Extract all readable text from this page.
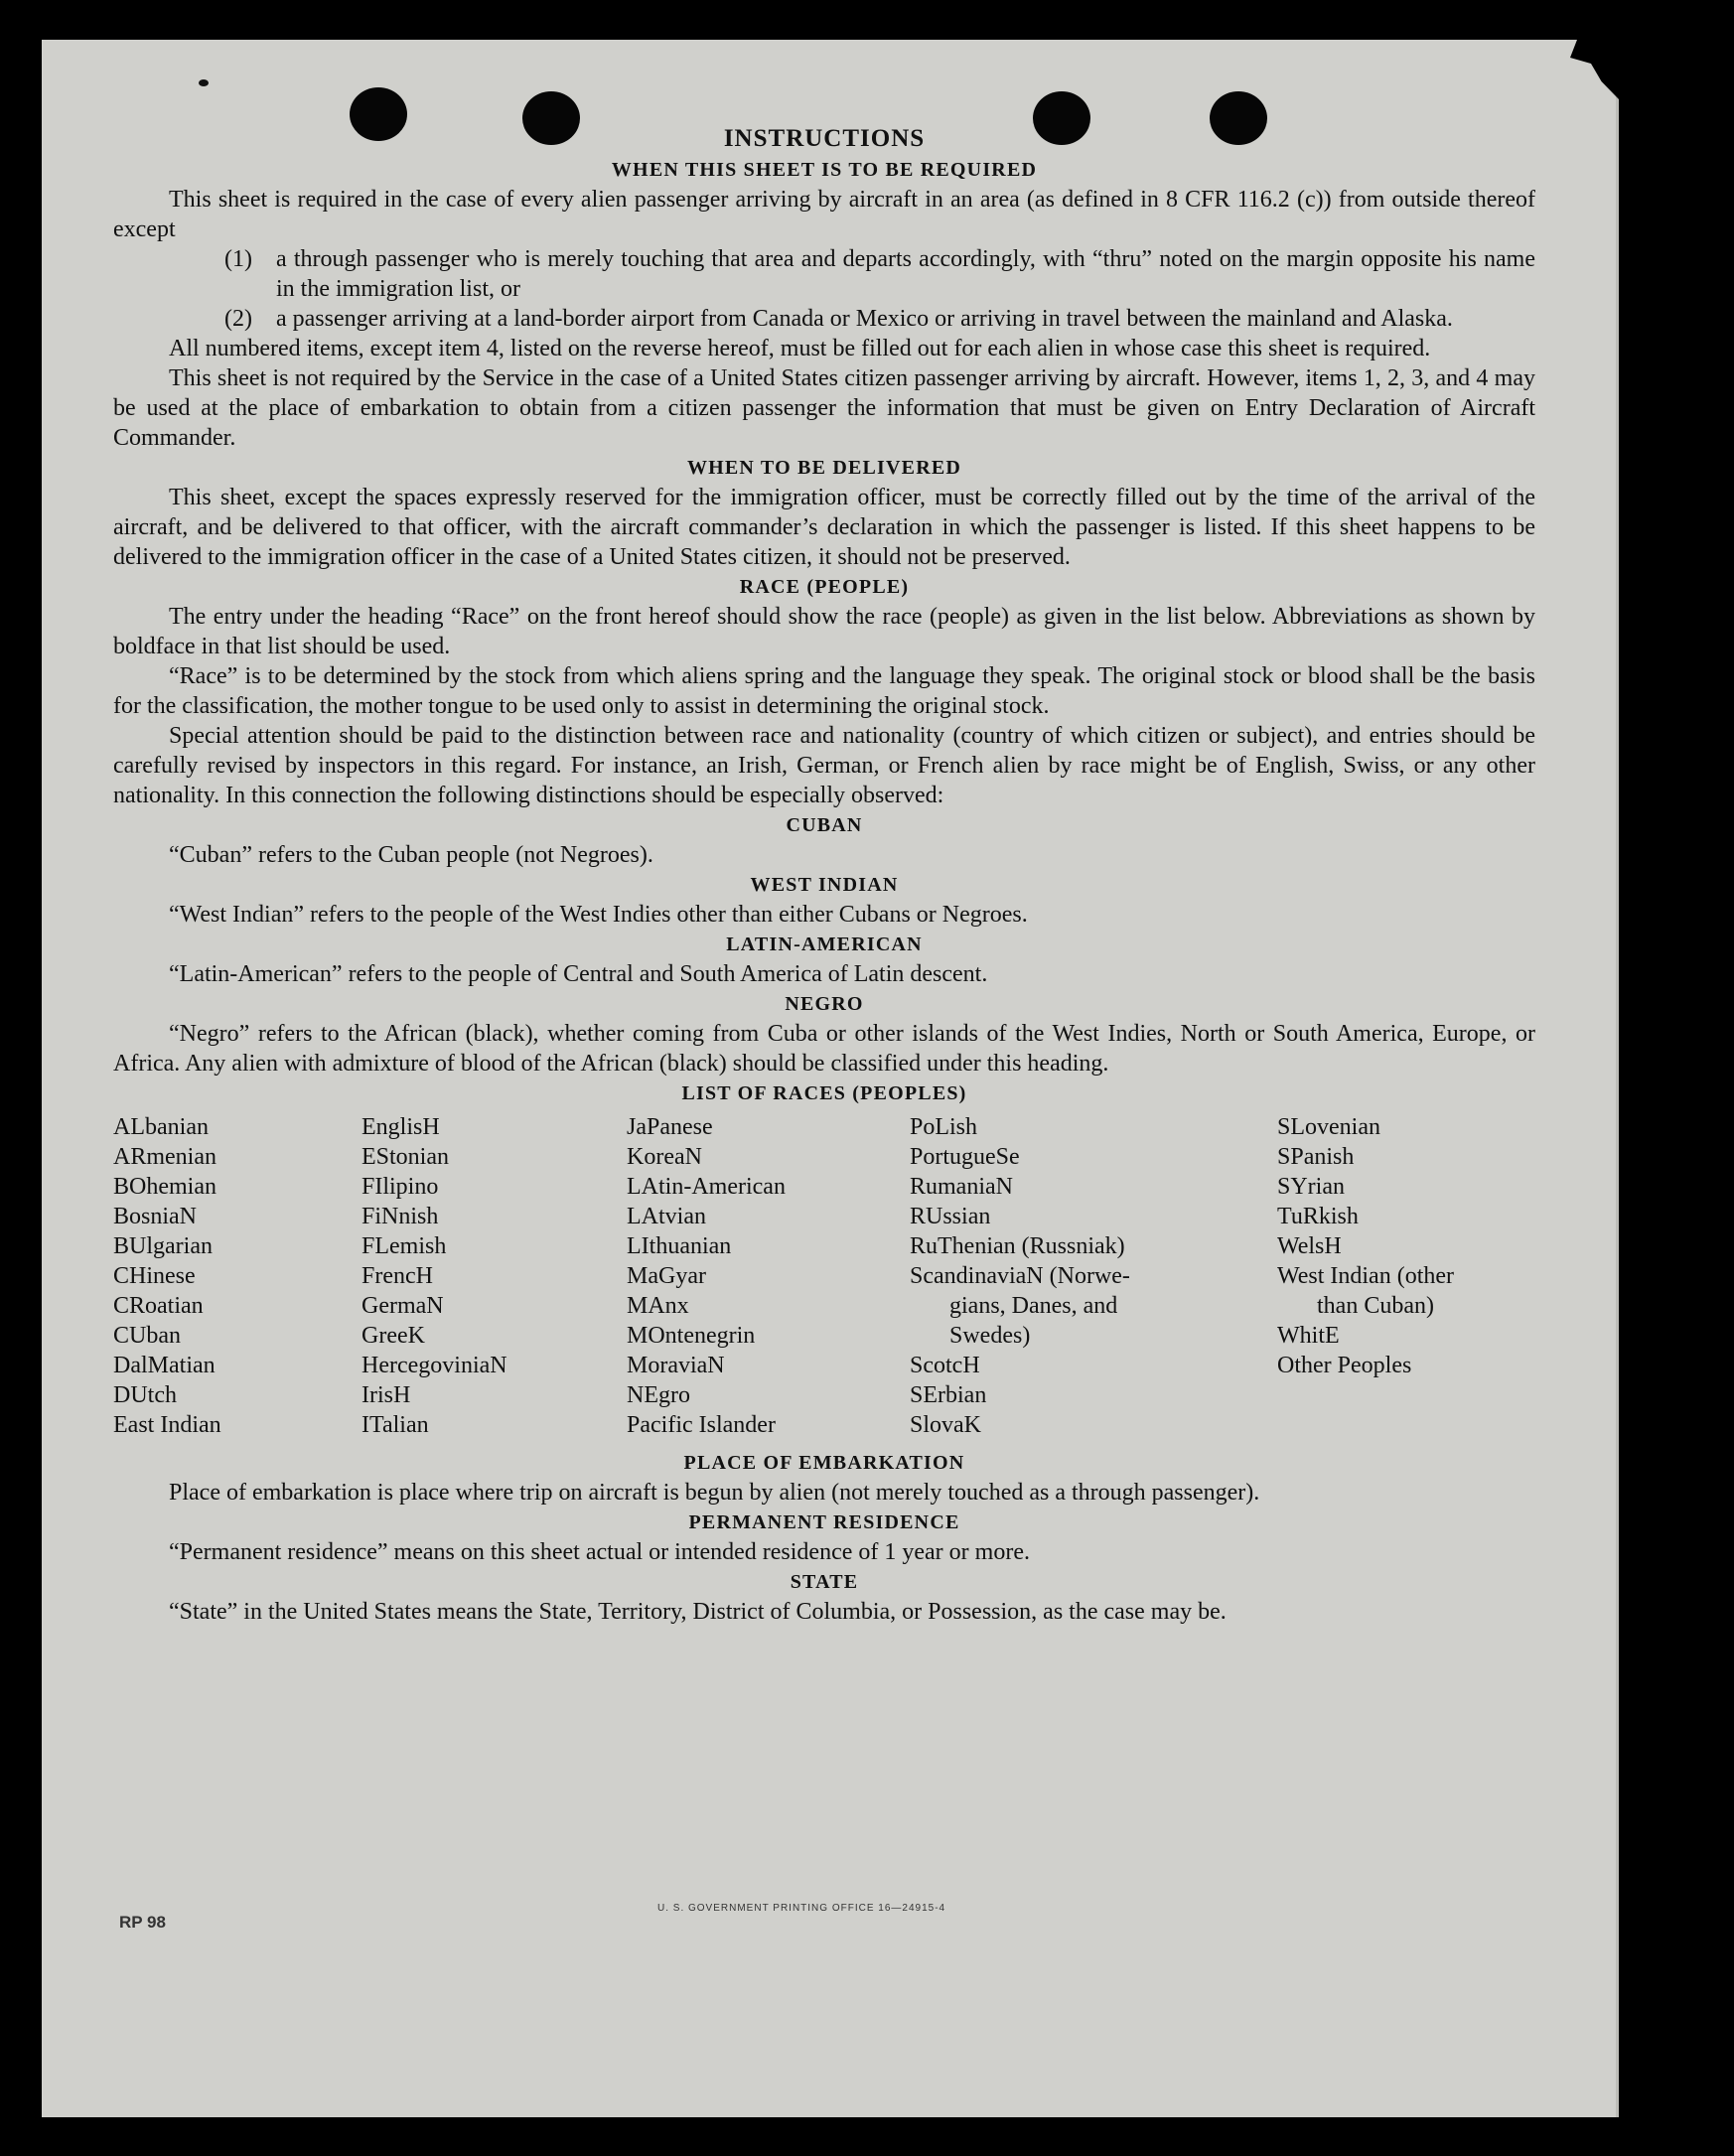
INSTRUCTIONS
WHEN THIS SHEET IS TO BE REQUIRED

This sheet is required in the case of every alien passenger arriving by aircraft in an area (as defined in 8 CFR 116.2 (c)) from outside thereof except

(1)	a through passenger who is merely touching that area and departs accordingly, with “thru” noted on the margin opposite his name in the immigration list, or
(2)	a passenger arriving at a land-border airport from Canada or Mexico or arriving in travel between the mainland and Alaska.

All numbered items, except item 4, listed on the reverse hereof, must be filled out for each alien in whose case this sheet is required.

This sheet is not required by the Service in the case of a United States citizen passenger arriving by aircraft. However, items 1, 2, 3, and 4 may be used at the place of embarkation to obtain from a citizen passenger the information that must be given on Entry Declaration of Aircraft Commander.

WHEN TO BE DELIVERED

This sheet, except the spaces expressly reserved for the immigration officer, must be correctly filled out by the time of the arrival of the aircraft, and be delivered to that officer, with the aircraft commander’s declaration in which the passenger is listed. If this sheet happens to be delivered to the immigration officer in the case of a United States citizen, it should not be preserved.

RACE (PEOPLE)

The entry under the heading “Race” on the front hereof should show the race (people) as given in the list below. Abbreviations as shown by boldface in that list should be used.

“Race” is to be determined by the stock from which aliens spring and the language they speak. The original stock or blood shall be the basis for the classification, the mother tongue to be used only to assist in determining the original stock.

Special attention should be paid to the distinction between race and nationality (country of which citizen or subject), and entries should be carefully revised by inspectors in this regard. For instance, an Irish, German, or French alien by race might be of English, Swiss, or any other nationality. In this connection the following distinctions should be especially observed:

CUBAN

“Cuban” refers to the Cuban people (not Negroes).

WEST INDIAN

“West Indian” refers to the people of the West Indies other than either Cubans or Negroes.

LATIN-AMERICAN

“Latin-American” refers to the people of Central and South America of Latin descent.

NEGRO

“Negro” refers to the African (black), whether coming from Cuba or other islands of the West Indies, North or South America, Europe, or Africa. Any alien with admixture of blood of the African (black) should be classified under this heading.

LIST OF RACES (PEOPLES)
ALbanian
ARmenian
BOhemian
BosniaN
BUlgarian
CHinese
CRoatian
CUban
DalMatian
DUtch
East Indian
EnglisH
EStonian
FIlipino
FiNnish
FLemish
FrencH
GermaN
GreeK
HercegoviniaN
IrisH
ITalian
JaPanese
KoreaN
LAtin-American
LAtvian
LIthuanian
MaGyar
MAnx
MOntenegrin
MoraviaN
NEgro
Pacific Islander
PoLish
PortugueSe
RumaniaN
RUssian
RuThenian (Russniak)
ScandinaviaN (Norwe-
gians, Danes, and
Swedes)
ScotcH
SErbian
SlovaK
SLovenian
SPanish
SYrian
TuRkish
WelsH
West Indian (other
than Cuban)
WhitE
Other Peoples
PLACE OF EMBARKATION

Place of embarkation is place where trip on aircraft is begun by alien (not merely touched as a through passenger).

PERMANENT RESIDENCE

“Permanent residence” means on this sheet actual or intended residence of 1 year or more.

STATE

“State” in the United States means the State, Territory, District of Columbia, or Possession, as the case may be.

RP 98
U. S. GOVERNMENT PRINTING OFFICE 16—24915-4
